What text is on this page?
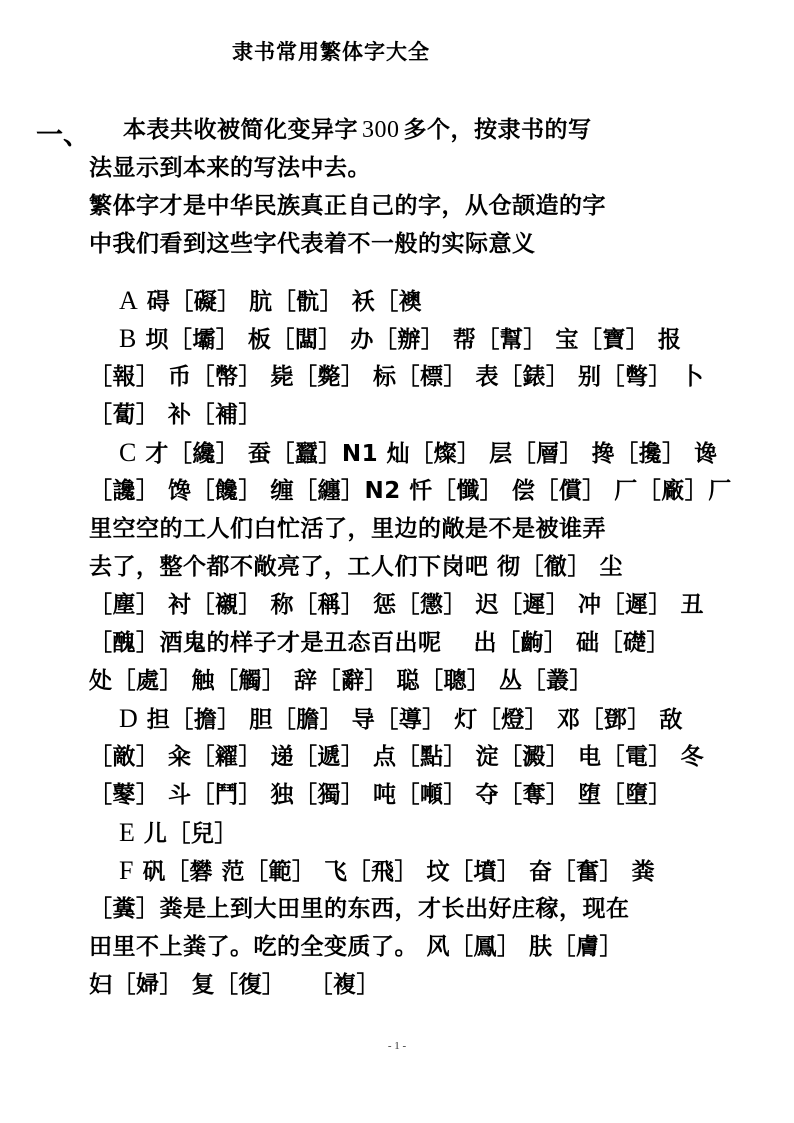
隶书常用繁体字大全
一、 本表共收被简化变异字 300 多个，按隶书的写
法显示到本来的写法中去。
繁体字才是中华民族真正自己的字，从仓颉造的字
中我们看到这些字代表着不一般的实际意义
A 碍［礙］ 肮［骯］ 袄［襖
B 坝［壩］ 板［闆］ 办［辦］ 帮［幫］ 宝［寶］ 报
［報］ 币［幣］ 毙［斃］ 标［標］ 表［錶］ 别［彆］ 卜
［蔔］ 补［補］
C 才［纔］ 蚕［蠶］N1 灿［燦］ 层［層］ 搀［攙］ 谗
［讒］ 馋［饞］ 缠［纏］N2 忏［懺］ 偿［償］ 厂［廠］厂
里空空的工人们白忙活了，里边的敞是不是被谁弄
去了，整个都不敞亮了，工人们下岗吧 彻［徹］ 尘
［塵］ 衬［襯］ 称［稱］ 惩［懲］ 迟［遲］ 冲［遲］ 丑
［醜］酒鬼的样子才是丑态百出呢　 出［齣］ 础［礎］
处［處］ 触［觸］ 辞［辭］ 聪［聰］ 丛［叢］
D 担［擔］ 胆［膽］ 导［導］ 灯［燈］ 邓［鄧］ 敌
［敵］ 籴［糴］ 递［遞］ 点［點］ 淀［澱］ 电［電］ 冬
［鼕］ 斗［鬥］ 独［獨］ 吨［噸］ 夺［奪］ 堕［墮］
E 儿［兒］
F 矾［礬 范［範］ 飞［飛］ 坟［墳］ 奋［奮］ 粪
［糞］粪是上到大田里的东西，才长出好庄稼，现在
田里不上粪了。吃的全变质了。 风［鳳］ 肤［膚］
妇［婦］ 复［復］　　［複］
- 1 -
